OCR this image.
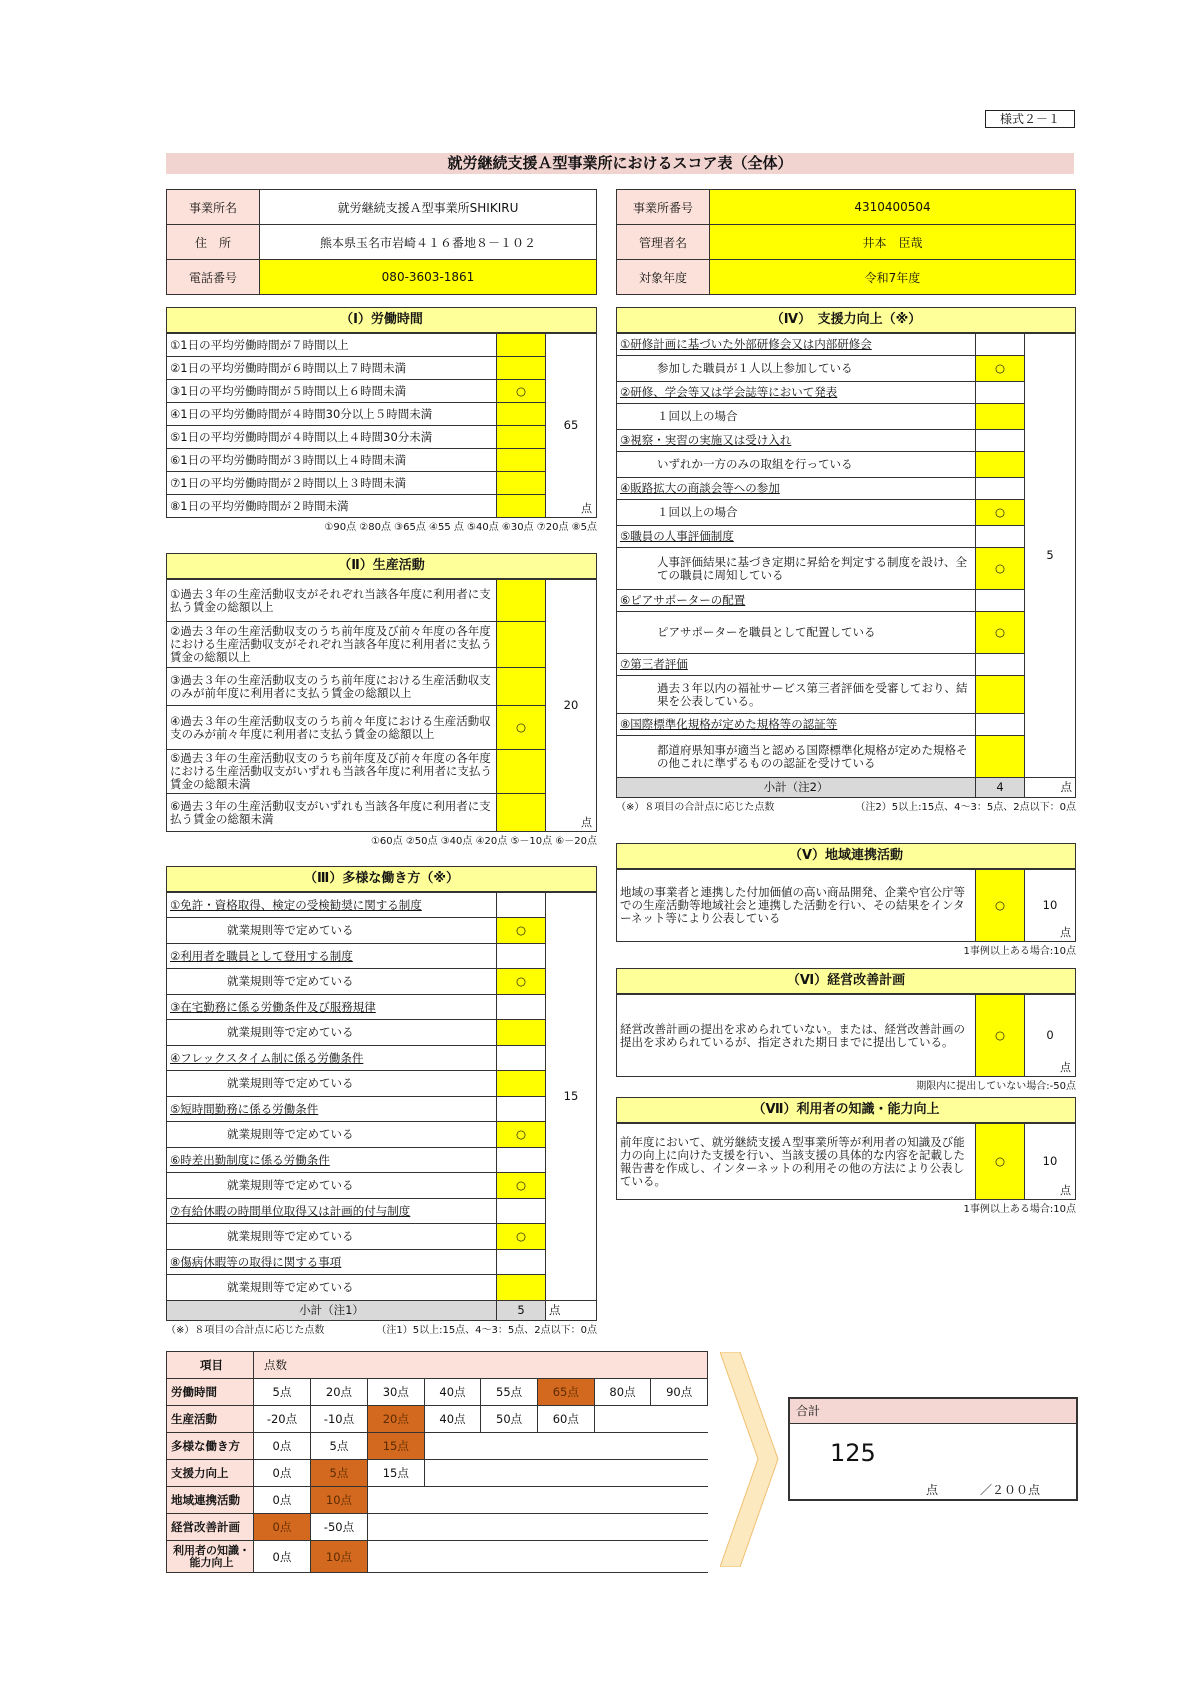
様式２－１
就労継続支援Ａ型事業所におけるスコア表（全体）
事業所名	就労継続支援Ａ型事業所SHIKIRU
住　所	熊本県玉名市岩崎４１６番地８－１０２
電話番号	080-3603-1861
事業所番号	4310400504
管理者名	井本　臣哉
対象年度	令和7年度
（Ⅰ）労働時間
①1日の平均労働時間が７時間以上		65
点

②1日の平均労働時間が６時間以上７時間未満		
③1日の平均労働時間が５時間以上６時間未満	○	
④1日の平均労働時間が４時間30分以上５時間未満		
⑤1日の平均労働時間が４時間以上４時間30分未満		
⑥1日の平均労働時間が３時間以上４時間未満		
⑦1日の平均労働時間が２時間以上３時間未満		
⑧1日の平均労働時間が２時間未満		
①90点 ②80点 ③65点 ④55 点 ⑤40点 ⑥30点 ⑦20点 ⑧5点
（Ⅱ）生産活動
①過去３年の生産活動収支がそれぞれ当該各年度に利用者に支払う賃金の総額以上		20
点

②過去３年の生産活動収支のうち前年度及び前々年度の各年度における生産活動収支がそれぞれ当該各年度に利用者に支払う賃金の総額以上		
③過去３年の生産活動収支のうち前年度における生産活動収支のみが前年度に利用者に支払う賃金の総額以上		
④過去３年の生産活動収支のうち前々年度における生産活動収支のみが前々年度に利用者に支払う賃金の総額以上	○	
⑤過去３年の生産活動収支のうち前年度及び前々年度の各年度における生産活動収支がいずれも当該各年度に利用者に支払う賃金の総額未満		
⑥過去３年の生産活動収支がいずれも当該各年度に利用者に支払う賃金の総額未満		
①60点 ②50点 ③40点 ④20点 ⑤－10点 ⑥－20点
（Ⅲ）多様な働き方（※）
①免許・資格取得、検定の受検勧奨に関する制度		15
就業規則等で定めている	○	
②利用者を職員として登用する制度		
就業規則等で定めている	○	
③在宅勤務に係る労働条件及び服務規律		
就業規則等で定めている		
④フレックスタイム制に係る労働条件		
就業規則等で定めている		
⑤短時間勤務に係る労働条件		
就業規則等で定めている	○	
⑥時差出勤制度に係る労働条件		
就業規則等で定めている	○	
⑦有給休暇の時間単位取得又は計画的付与制度		
就業規則等で定めている	○	
⑧傷病休暇等の取得に関する事項		
就業規則等で定めている		
小計（注1）	5	点
（※）８項目の合計点に応じた点数	（注1）5以上:15点、4～3：5点、2点以下：0点
（Ⅳ）　支援力向上（※）
①研修計画に基づいた外部研修会又は内部研修会		5
参加した職員が１人以上参加している	○	
②研修、学会等又は学会誌等において発表		
１回以上の場合		
③視察・実習の実施又は受け入れ		
いずれか一方のみの取組を行っている		
④販路拡大の商談会等への参加		
１回以上の場合	○	
⑤職員の人事評価制度		
人事評価結果に基づき定期に昇給を判定する制度を設け、全ての職員に周知している	○	
⑥ピアサポーターの配置		
ピアサポーターを職員として配置している	○	
⑦第三者評価		
過去３年以内の福祉サービス第三者評価を受審しており、結果を公表している。		
⑧国際標準化規格が定めた規格等の認証等		
都道府県知事が適当と認める国際標準化規格が定めた規格その他これに準ずるものの認証を受けている		
小計（注2）	4	点
（※）８項目の合計点に応じた点数	（注2）5以上:15点、4～3：5点、2点以下：0点
（Ⅴ）地域連携活動
地域の事業者と連携した付加価値の高い商品開発、企業や官公庁等での生産活動等地域社会と連携した活動を行い、その結果をインターネット等により公表している	○	10
点
1事例以上ある場合:10点
（Ⅵ）経営改善計画
経営改善計画の提出を求められていない。または、経営改善計画の提出を求められているが、指定された期日までに提出している。	○	0
点
期限内に提出していない場合:-50点
（Ⅶ）利用者の知識・能力向上
前年度において、就労継続支援Ａ型事業所等が利用者の知識及び能力の向上に向けた支援を行い、当該支援の具体的な内容を記載した報告書を作成し、インターネットの利用その他の方法により公表している。	○	10
点
1事例以上ある場合:10点
項目	点数							
労働時間	5点	20点	30点	40点	55点	65点	80点	90点
生産活動	-20点	-10点	20点	40点	50点	60点		
多様な働き方	0点	5点	15点					
支援力向上	0点	5点	15点					
地域連携活動	0点	10点						
経営改善計画	0点	-50点						
利用者の知識・能力向上	0点	10点						
合計
125
点	／２００点
